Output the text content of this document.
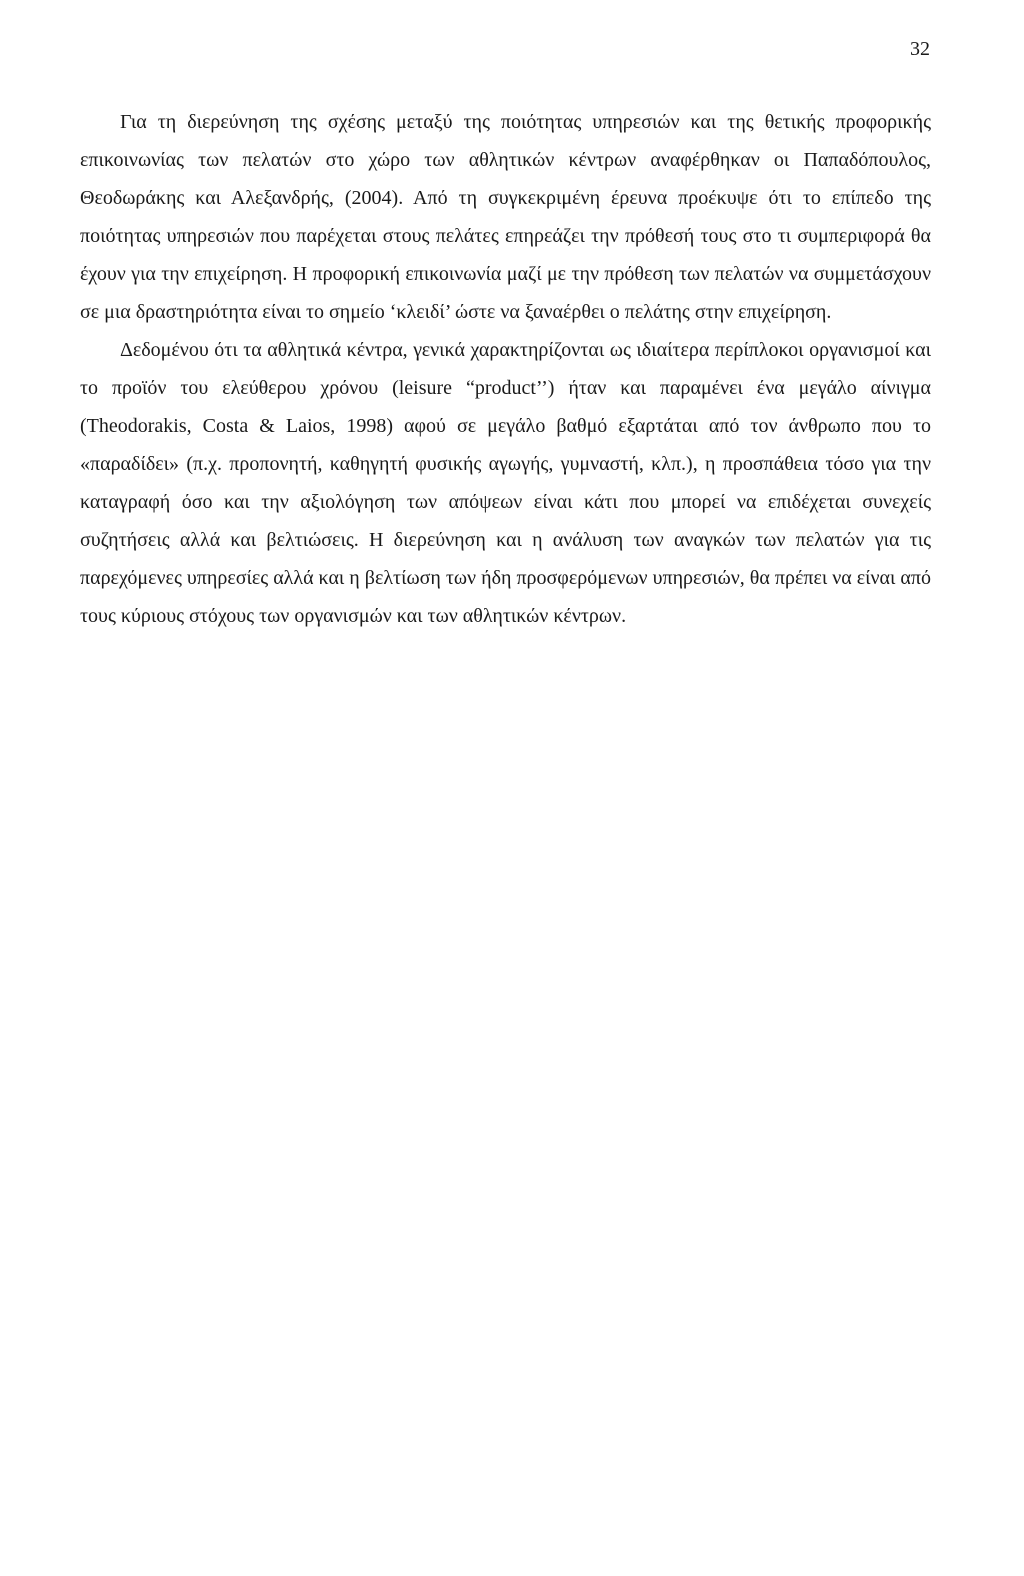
32

Για τη διερεύνηση της σχέσης μεταξύ της ποιότητας υπηρεσιών και της θετικής προφορικής επικοινωνίας των πελατών στο χώρο των αθλητικών κέντρων αναφέρθηκαν οι Παπαδόπουλος, Θεοδωράκης και Αλεξανδρής, (2004). Από τη συγκεκριμένη έρευνα προέκυψε ότι το επίπεδο της ποιότητας υπηρεσιών που παρέχεται στους πελάτες επηρεάζει την πρόθεσή τους στο τι συμπεριφορά θα έχουν για την επιχείρηση. Η προφορική επικοινωνία μαζί με την πρόθεση των πελατών να συμμετάσχουν σε μια δραστηριότητα είναι το σημείο ‘κλειδί’ ώστε να ξαναέρθει ο πελάτης στην επιχείρηση.

Δεδομένου ότι τα αθλητικά κέντρα, γενικά χαρακτηρίζονται ως ιδιαίτερα περίπλοκοι οργανισμοί και το προϊόν του ελεύθερου χρόνου (leisure “product’’) ήταν και παραμένει ένα μεγάλο αίνιγμα (Theodorakis, Costa & Laios, 1998) αφού σε μεγάλο βαθμό εξαρτάται από τον άνθρωπο που το «παραδίδει» (π.χ. προπονητή, καθηγητή φυσικής αγωγής, γυμναστή, κλπ.), η προσπάθεια τόσο για την καταγραφή όσο και την αξιολόγηση των απόψεων είναι κάτι που μπορεί να επιδέχεται συνεχείς συζητήσεις αλλά και βελτιώσεις. Η διερεύνηση και η ανάλυση των αναγκών των πελατών για τις παρεχόμενες υπηρεσίες αλλά και η βελτίωση των ήδη προσφερόμενων υπηρεσιών, θα πρέπει να είναι από τους κύριους στόχους των οργανισμών και των αθλητικών κέντρων.
